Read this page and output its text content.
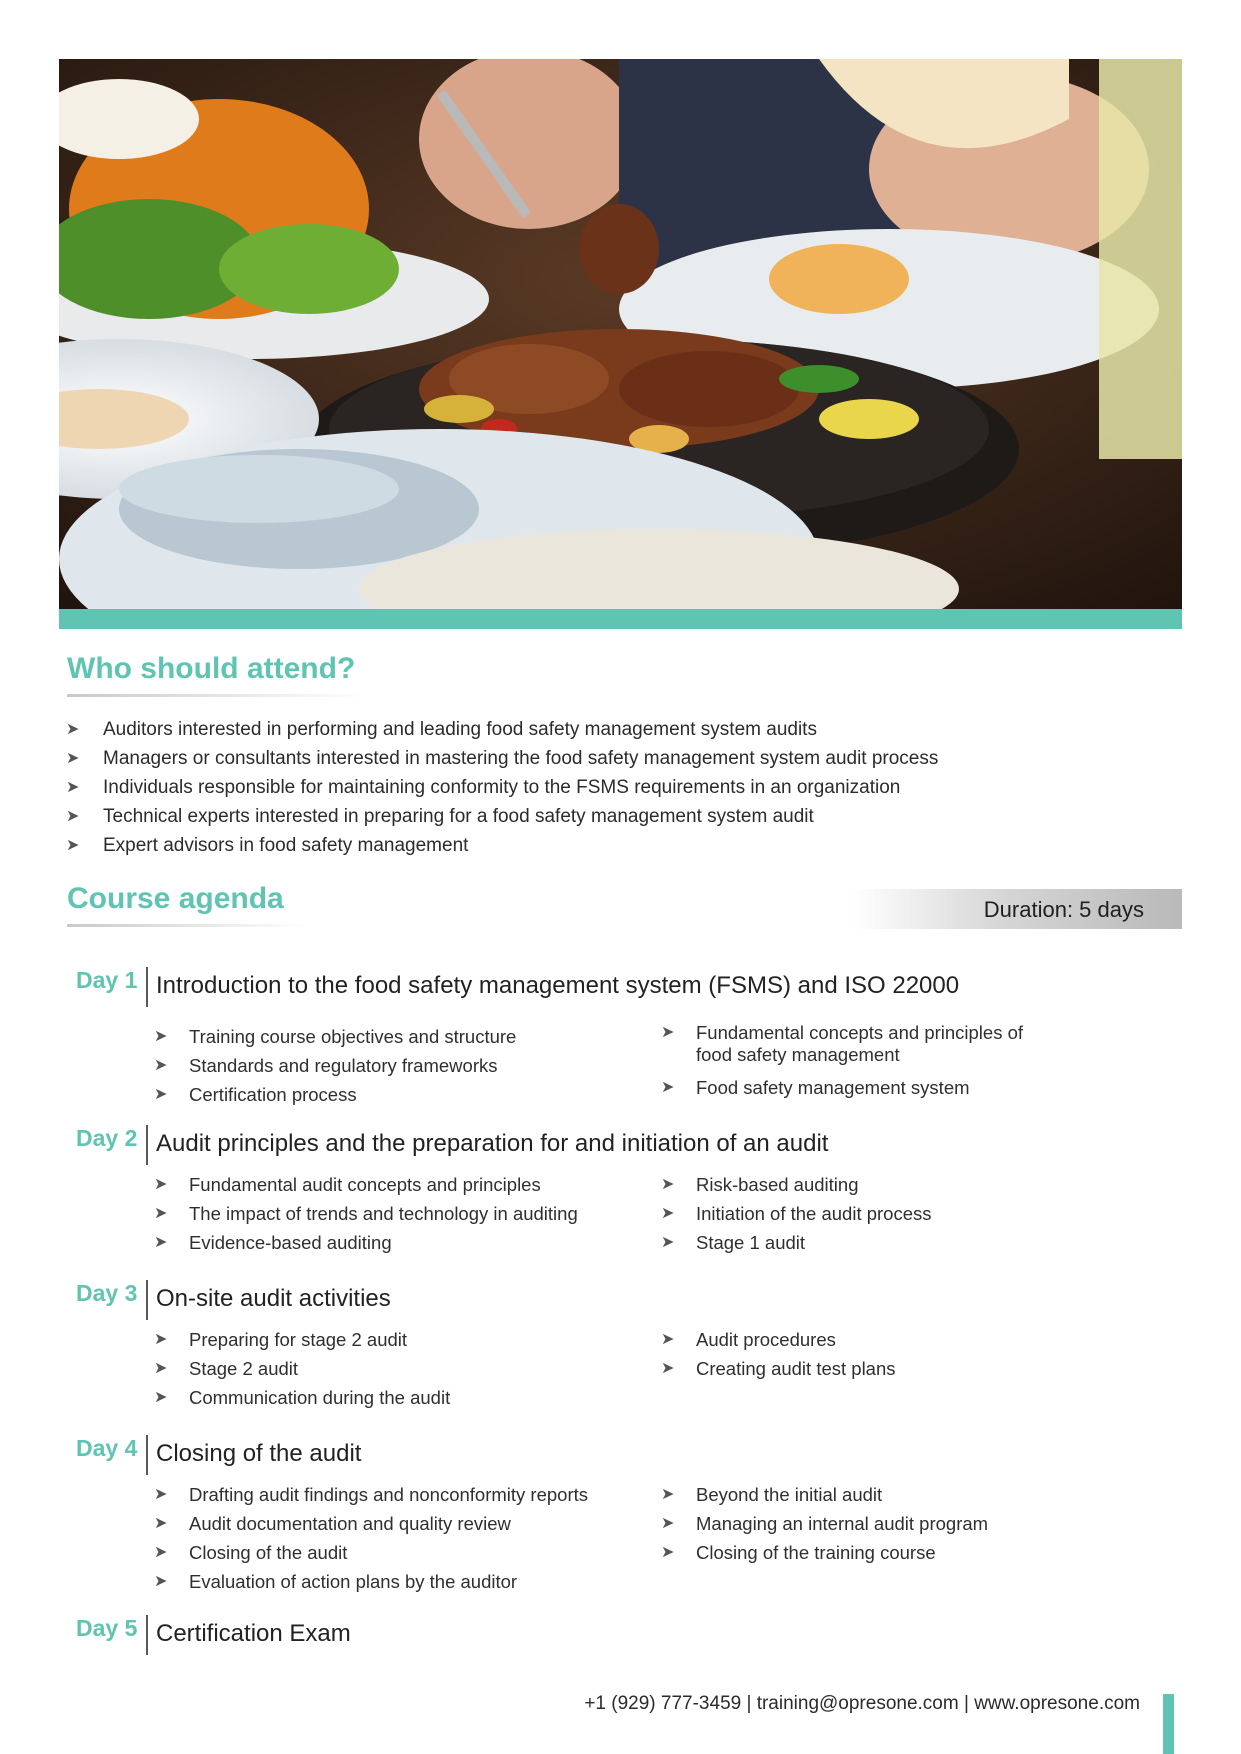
Who should attend?
➤ Auditors interested in performing and leading food safety management system audits
➤ Managers or consultants interested in mastering the food safety management system audit process
➤ Individuals responsible for maintaining conformity to the FSMS requirements in an organization
➤ Technical experts interested in preparing for a food safety management system audit
➤ Expert advisors in food safety management
Course agenda	Duration: 5 days
Day 1 Introduction to the food safety management system (FSMS) and ISO 22000
➤ Training course objectives and structure
➤ Standards and regulatory frameworks
➤ Certification process
➤ Fundamental concepts and principles of food safety management
➤ Food safety management system
Day 2 Audit principles and the preparation for and initiation of an audit
➤ Fundamental audit concepts and principles
➤ The impact of trends and technology in auditing
➤ Evidence-based auditing
➤ Risk-based auditing
➤ Initiation of the audit process
➤ Stage 1 audit
Day 3 On-site audit activities
➤ Preparing for stage 2 audit
➤ Stage 2 audit
➤ Communication during the audit
➤ Audit procedures
➤ Creating audit test plans
Day 4 Closing of the audit
➤ Drafting audit findings and nonconformity reports
➤ Audit documentation and quality review
➤ Closing of the audit
➤ Evaluation of action plans by the auditor
➤ Beyond the initial audit
➤ Managing an internal audit program
➤ Closing of the training course
Day 5 Certification Exam
+1 (929) 777-3459 | training@opresone.com | www.opresone.com
